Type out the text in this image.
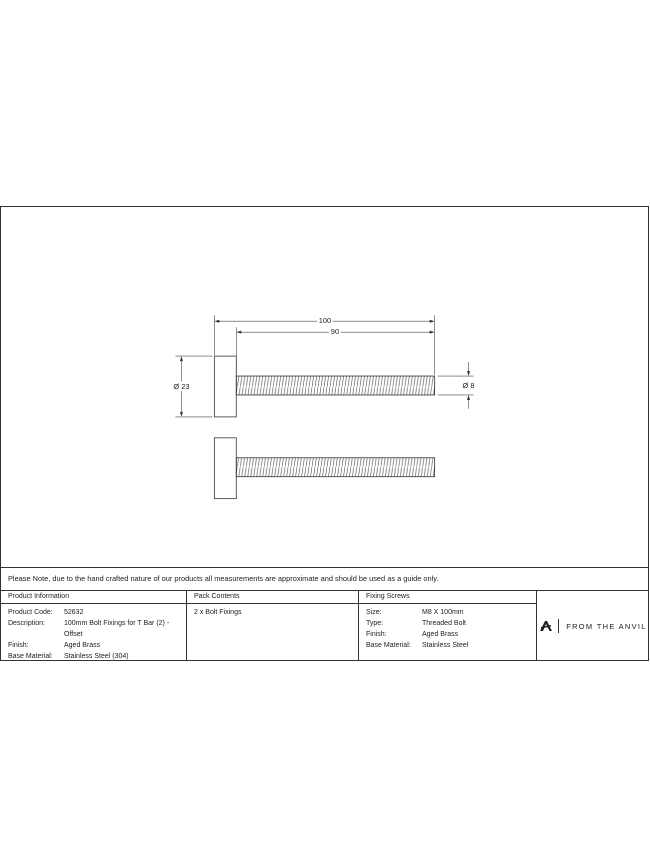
100
90
Ø 23	Ø 8
Please Note, due to the hand crafted nature of our products all measurements are approximate and should be used as a guide only.
Product Information
Product Code:	52632
Description:	100mm Bolt Fixings for T Bar (2) - Offset
Finish:	Aged Brass
Base Material:	Stainless Steel (304)
Pack Contents
2 x Bolt Fixings
Fixing Screws
Size:	M8 X 100mm
Type:	Threaded Bolt
Finish:	Aged Brass
Base Material:	Stainless Steel
FROM THE ANVIL
